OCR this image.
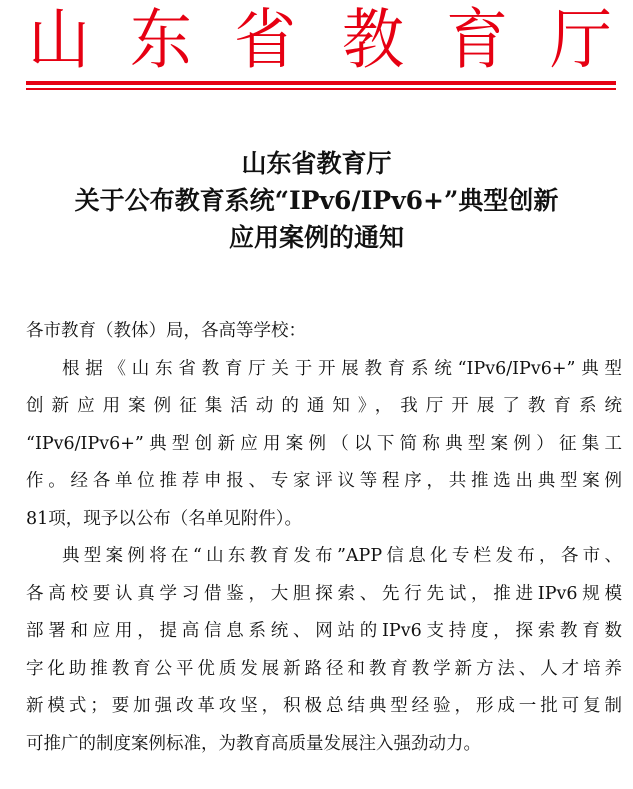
山 东 省 教 育 厅
山东省教育厅
关于公布教育系统“IPv6/IPv6+”典型创新
应用案例的通知
各市教育（教体）局，各高等学校：
根据《山东省教育厅关于开展教育系统“IPv6/IPv6+”典型
创新应用案例征集活动的通知》，我厅开展了教育系统
“IPv6/IPv6+”典型创新应用案例（以下简称典型案例）征集工
作。经各单位推荐申报、专家评议等程序，共推选出典型案例
81项，现予以公布（名单见附件）。
典型案例将在“山东教育发布”APP信息化专栏发布，各市、
各高校要认真学习借鉴，大胆探索、先行先试，推进IPv6规模
部署和应用，提高信息系统、网站的IPv6支持度，探索教育数
字化助推教育公平优质发展新路径和教育教学新方法、人才培养
新模式；要加强改革攻坚，积极总结典型经验，形成一批可复制
可推广的制度案例标准，为教育高质量发展注入强劲动力。
